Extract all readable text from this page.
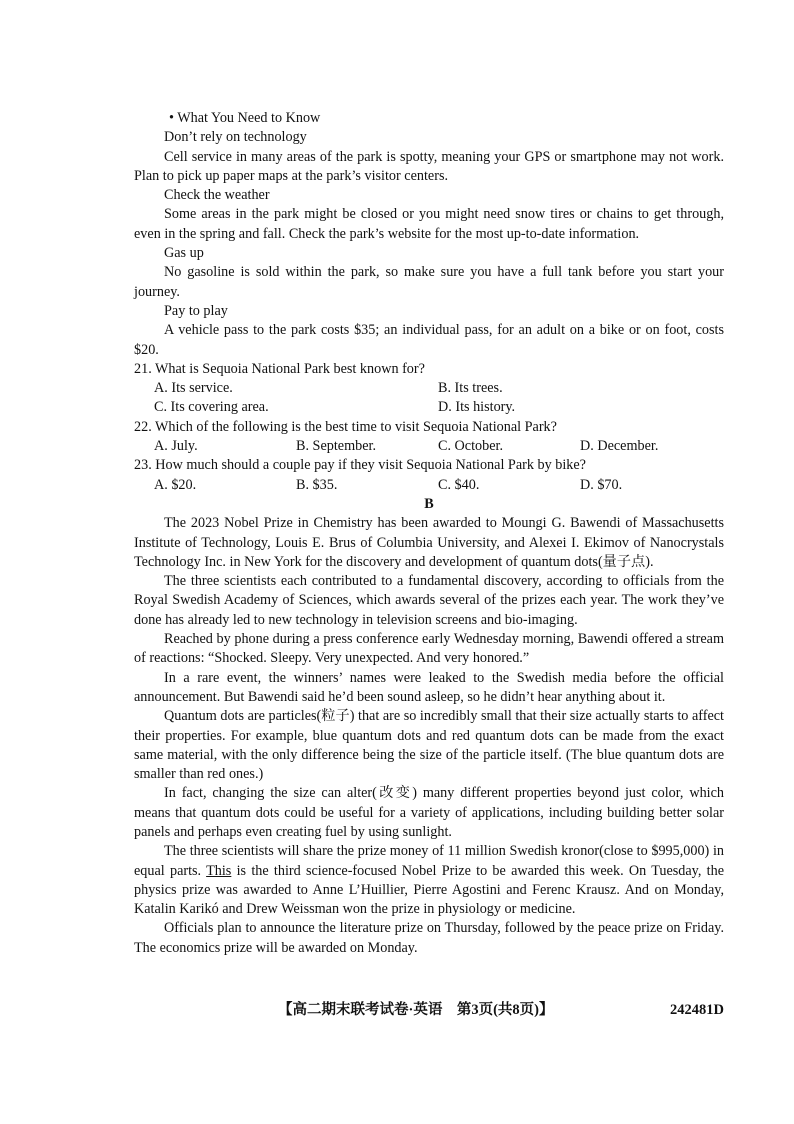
• What You Need to Know

Don’t rely on technology

Cell service in many areas of the park is spotty, meaning your GPS or smartphone may not work. Plan to pick up paper maps at the park’s visitor centers.

Check the weather

Some areas in the park might be closed or you might need snow tires or chains to get through, even in the spring and fall. Check the park’s website for the most up-to-date information.

Gas up

No gasoline is sold within the park, so make sure you have a full tank before you start your journey.

Pay to play

A vehicle pass to the park costs $35; an individual pass, for an adult on a bike or on foot, costs $20.

21. What is Sequoia National Park best known for?

A. Its service.	B. Its trees.
C. Its covering area.	D. Its history.

22. Which of the following is the best time to visit Sequoia National Park?

A. July.	B. September.	C. October.	D. December.

23. How much should a couple pay if they visit Sequoia National Park by bike?

A. $20.	B. $35.	C. $40.	D. $70.

B

The 2023 Nobel Prize in Chemistry has been awarded to Moungi G. Bawendi of Massachusetts Institute of Technology, Louis E. Brus of Columbia University, and Alexei I. Ekimov of Nanocrystals Technology Inc. in New York for the discovery and development of quantum dots(量子点).

The three scientists each contributed to a fundamental discovery, according to officials from the Royal Swedish Academy of Sciences, which awards several of the prizes each year. The work they’ve done has already led to new technology in television screens and bio-imaging.

Reached by phone during a press conference early Wednesday morning, Bawendi offered a stream of reactions: “Shocked. Sleepy. Very unexpected. And very honored.”

In a rare event, the winners’ names were leaked to the Swedish media before the official announcement. But Bawendi said he’d been sound asleep, so he didn’t hear anything about it.

Quantum dots are particles(粒子) that are so incredibly small that their size actually starts to affect their properties. For example, blue quantum dots and red quantum dots can be made from the exact same material, with the only difference being the size of the particle itself. (The blue quantum dots are smaller than red ones.)

In fact, changing the size can alter(改变) many different properties beyond just color, which means that quantum dots could be useful for a variety of applications, including building better solar panels and perhaps even creating fuel by using sunlight.

The three scientists will share the prize money of 11 million Swedish kronor(close to $995,000) in equal parts. This is the third science-focused Nobel Prize to be awarded this week. On Tuesday, the physics prize was awarded to Anne L’Huillier, Pierre Agostini and Ferenc Krausz. And on Monday, Katalin Karikó and Drew Weissman won the prize in physiology or medicine.

Officials plan to announce the literature prize on Thursday, followed by the peace prize on Friday. The economics prize will be awarded on Monday.

【高二期末联考试卷·英语　第3页(共8页)】	242481D
